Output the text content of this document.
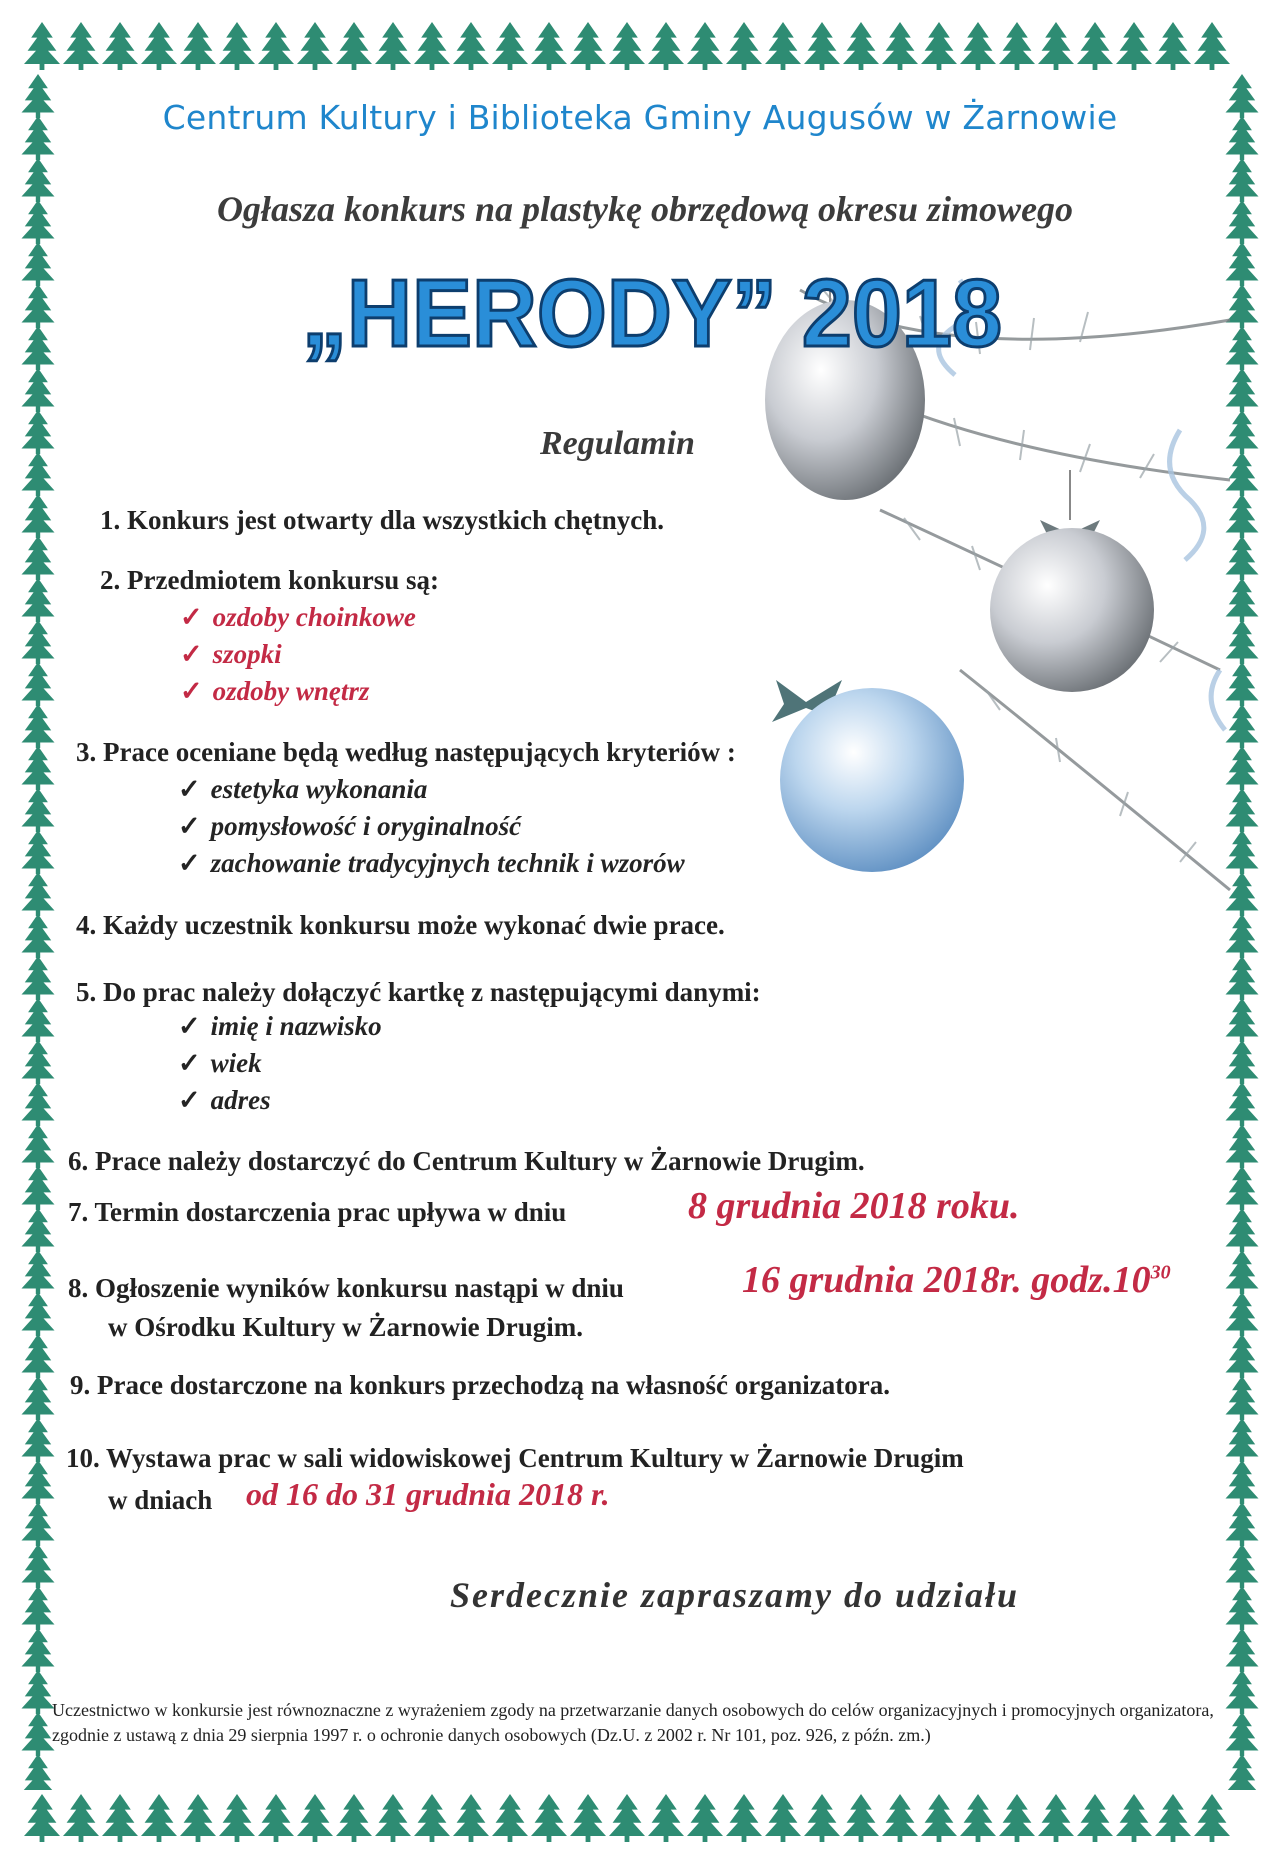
Centrum Kultury i Biblioteka Gminy Augusów w Żarnowie
Ogłasza konkurs na plastykę obrzędową okresu zimowego
„HERODY” 2018
Regulamin
1. Konkurs jest otwarty dla wszystkich chętnych.
2. Przedmiotem konkursu są:
✓ ozdoby choinkowe
✓ szopki
✓ ozdoby wnętrz
3. Prace oceniane będą według następujących kryteriów :
✓ estetyka wykonania
✓ pomysłowość i oryginalność
✓ zachowanie tradycyjnych technik i wzorów
4. Każdy uczestnik konkursu może wykonać dwie prace.
5. Do prac należy dołączyć kartkę z następującymi danymi:
✓ imię i nazwisko
✓ wiek
✓ adres
6. Prace należy dostarczyć do Centrum Kultury w Żarnowie Drugim.
7. Termin dostarczenia prac upływa w dniu	8 grudnia 2018 roku.
8. Ogłoszenie wyników konkursu nastąpi w dniu	16 grudnia 2018r. $godz.10^{30}$
w Ośrodku Kultury w Żarnowie Drugim.
9. Prace dostarczone na konkurs przechodzą na własność organizatora.
10. Wystawa prac w sali widowiskowej Centrum Kultury w Żarnowie Drugim
w dniach od 16 do 31 grudnia 2018 r.
Serdecznie zapraszamy do udziału
Uczestnictwo w konkursie jest równoznaczne z wyrażeniem zgody na przetwarzanie danych osobowych do celów organizacyjnych i promocyjnych organizatora, zgodnie z ustawą z dnia 29 sierpnia 1997 r. o ochronie danych osobowych (Dz.U. z 2002 r. Nr 101, poz. 926, z późn. zm.)
